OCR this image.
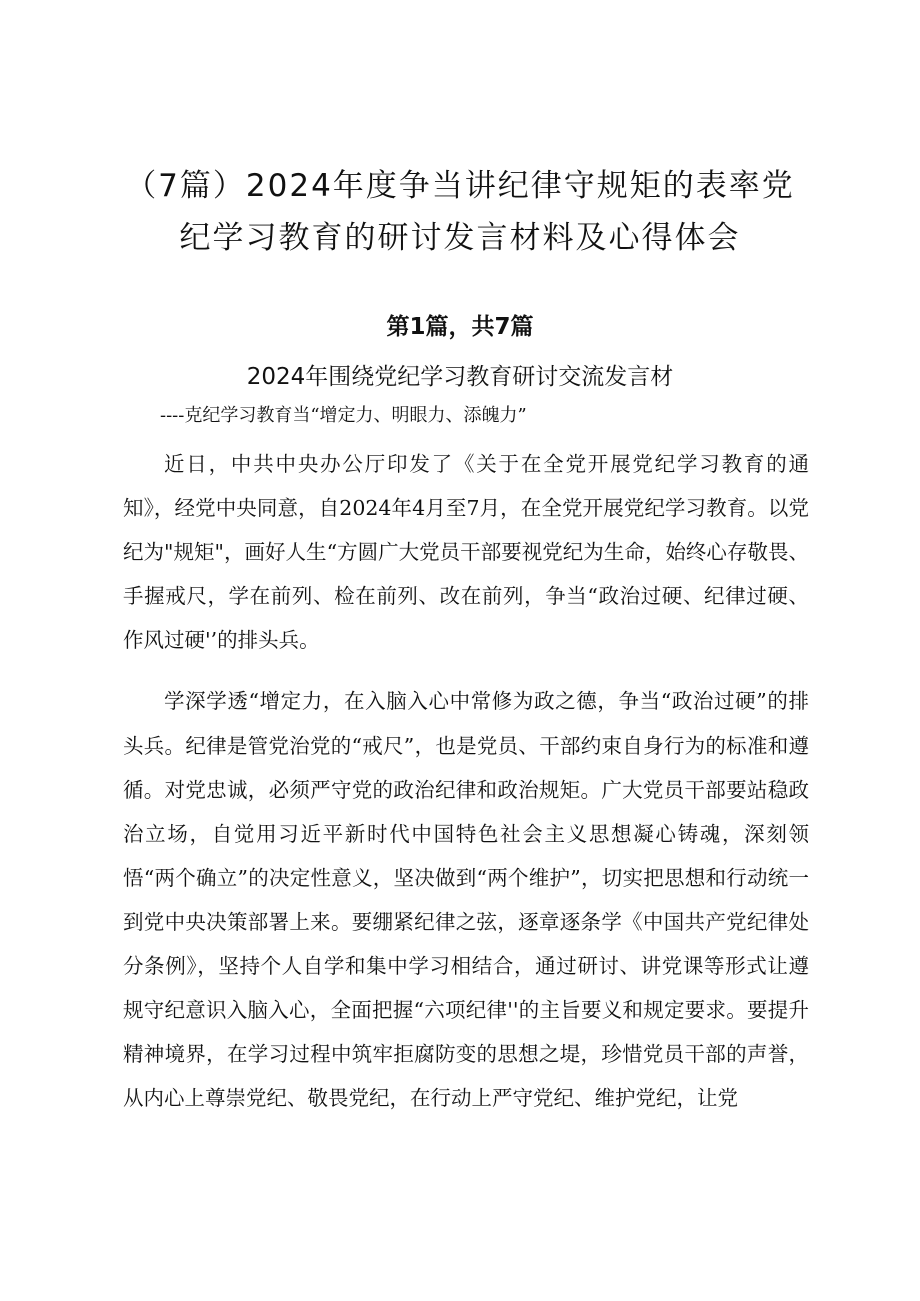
（7篇）2024年度争当讲纪律守规矩的表率党
纪学习教育的研讨发言材料及心得体会
第1篇，共7篇
2024年围绕党纪学习教育研讨交流发言材

----克纪学习教育当“增定力、明眼力、添魄力”

近日，中共中央办公厅印发了《关于在全党开展党纪学习教育的通知》，经党中央同意，自2024年4月至7月，在全党开展党纪学习教育。以党纪为"规矩"，画好人生“方圆广大党员干部要视党纪为生命，始终心存敬畏、手握戒尺，学在前列、检在前列、改在前列，争当“政治过硬、纪律过硬、作风过硬'’的排头兵。

学深学透“增定力，在入脑入心中常修为政之德，争当“政治过硬”的排头兵。纪律是管党治党的“戒尺”，也是党员、干部约束自身行为的标准和遵循。对党忠诚，必须严守党的政治纪律和政治规矩。广大党员干部要站稳政治立场，自觉用习近平新时代中国特色社会主义思想凝心铸魂，深刻领悟“两个确立”的决定性意义，坚决做到“两个维护”，切实把思想和行动统一到党中央决策部署上来。要绷紧纪律之弦，逐章逐条学《中国共产党纪律处分条例》，坚持个人自学和集中学习相结合，通过研讨、讲党课等形式让遵规守纪意识入脑入心，全面把握“六项纪律''的主旨要义和规定要求。要提升精神境界，在学习过程中筑牢拒腐防变的思想之堤，珍惜党员干部的声誉，从内心上尊崇党纪、敬畏党纪，在行动上严守党纪、维护党纪，让党
